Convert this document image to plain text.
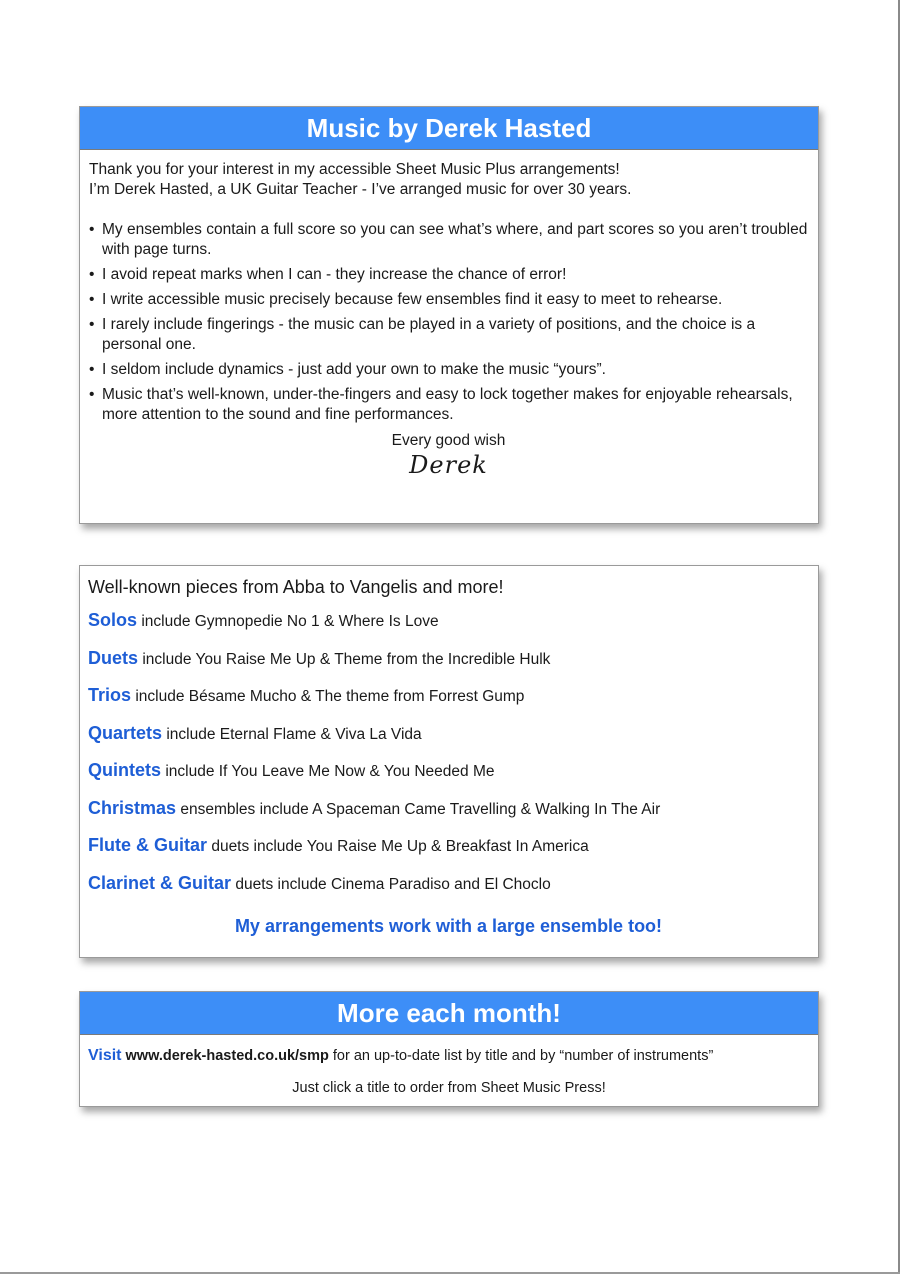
Music by Derek Hasted

Thank you for your interest in my accessible Sheet Music Plus arrangements!

I’m Derek Hasted, a UK Guitar Teacher - I’ve arranged music for over 30 years.

• My ensembles contain a full score so you can see what’s where, and part scores so you aren’t troubled with page turns.
• I avoid repeat marks when I can - they increase the chance of error!
• I write accessible music precisely because few ensembles find it easy to meet to rehearse.
• I rarely include fingerings - the music can be played in a variety of positions, and the choice is a personal one.
• I seldom include dynamics - just add your own to make the music “yours”.
• Music that’s well-known, under-the-fingers and easy to lock together makes for enjoyable rehearsals, more attention to the sound and fine performances.
Every good wish
Derek

Well-known pieces from Abba to Vangelis and more!

Solos include Gymnopedie No 1 & Where Is Love
Duets include You Raise Me Up & Theme from the Incredible Hulk
Trios include Bésame Mucho & The theme from Forrest Gump
Quartets include Eternal Flame & Viva La Vida
Quintets include If You Leave Me Now & You Needed Me
Christmas ensembles include A Spaceman Came Travelling & Walking In The Air
Flute & Guitar duets include You Raise Me Up & Breakfast In America
Clarinet & Guitar duets include Cinema Paradiso and El Choclo
My arrangements work with a large ensemble too!
More each month!
Visit www.derek-hasted.co.uk/smp for an up-to-date list by title and by “number of instruments”
Just click a title to order from Sheet Music Press!
